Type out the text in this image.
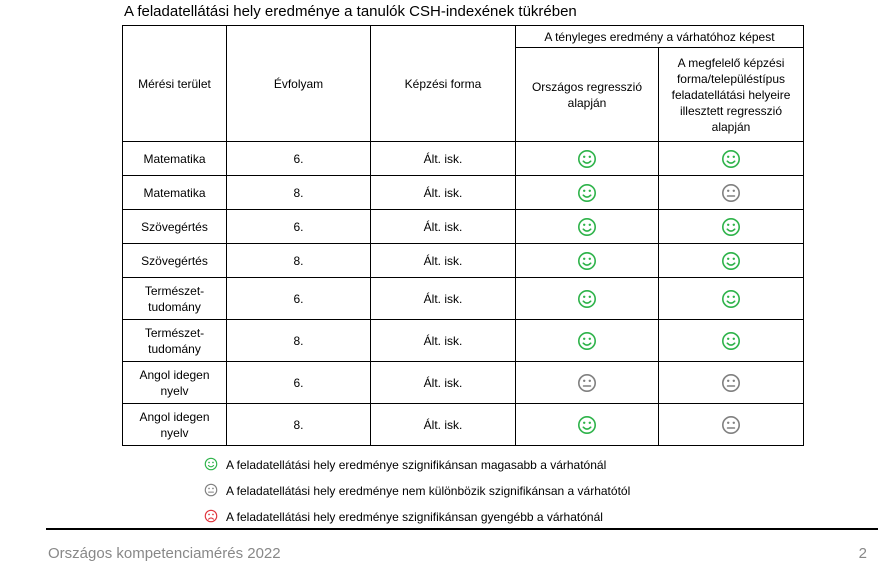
A feladatellátási hely eredménye a tanulók CSH-indexének tükrében
Mérési terület	Évfolyam	Képzési forma	A tényleges eredmény a várhatóhoz képest	
			Országos regresszió alapján	A megfelelő képzési forma/településtípus feladatellátási helyeire illesztett regresszió alapján
Matematika	6.	Ált. isk.		
Matematika	8.	Ált. isk.		
Szövegértés	6.	Ált. isk.		
Szövegértés	8.	Ált. isk.		
Természet-tudomány	6.	Ált. isk.		
Természet-tudomány	8.	Ált. isk.		
Angol idegen nyelv	6.	Ált. isk.		
Angol idegen nyelv	8.	Ált. isk.		
A feladatellátási hely eredménye szignifikánsan magasabb a várhatónál
A feladatellátási hely eredménye nem különbözik szignifikánsan a várhatótól
A feladatellátási hely eredménye szignifikánsan gyengébb a várhatónál
Országos kompetenciamérés 2022	2
